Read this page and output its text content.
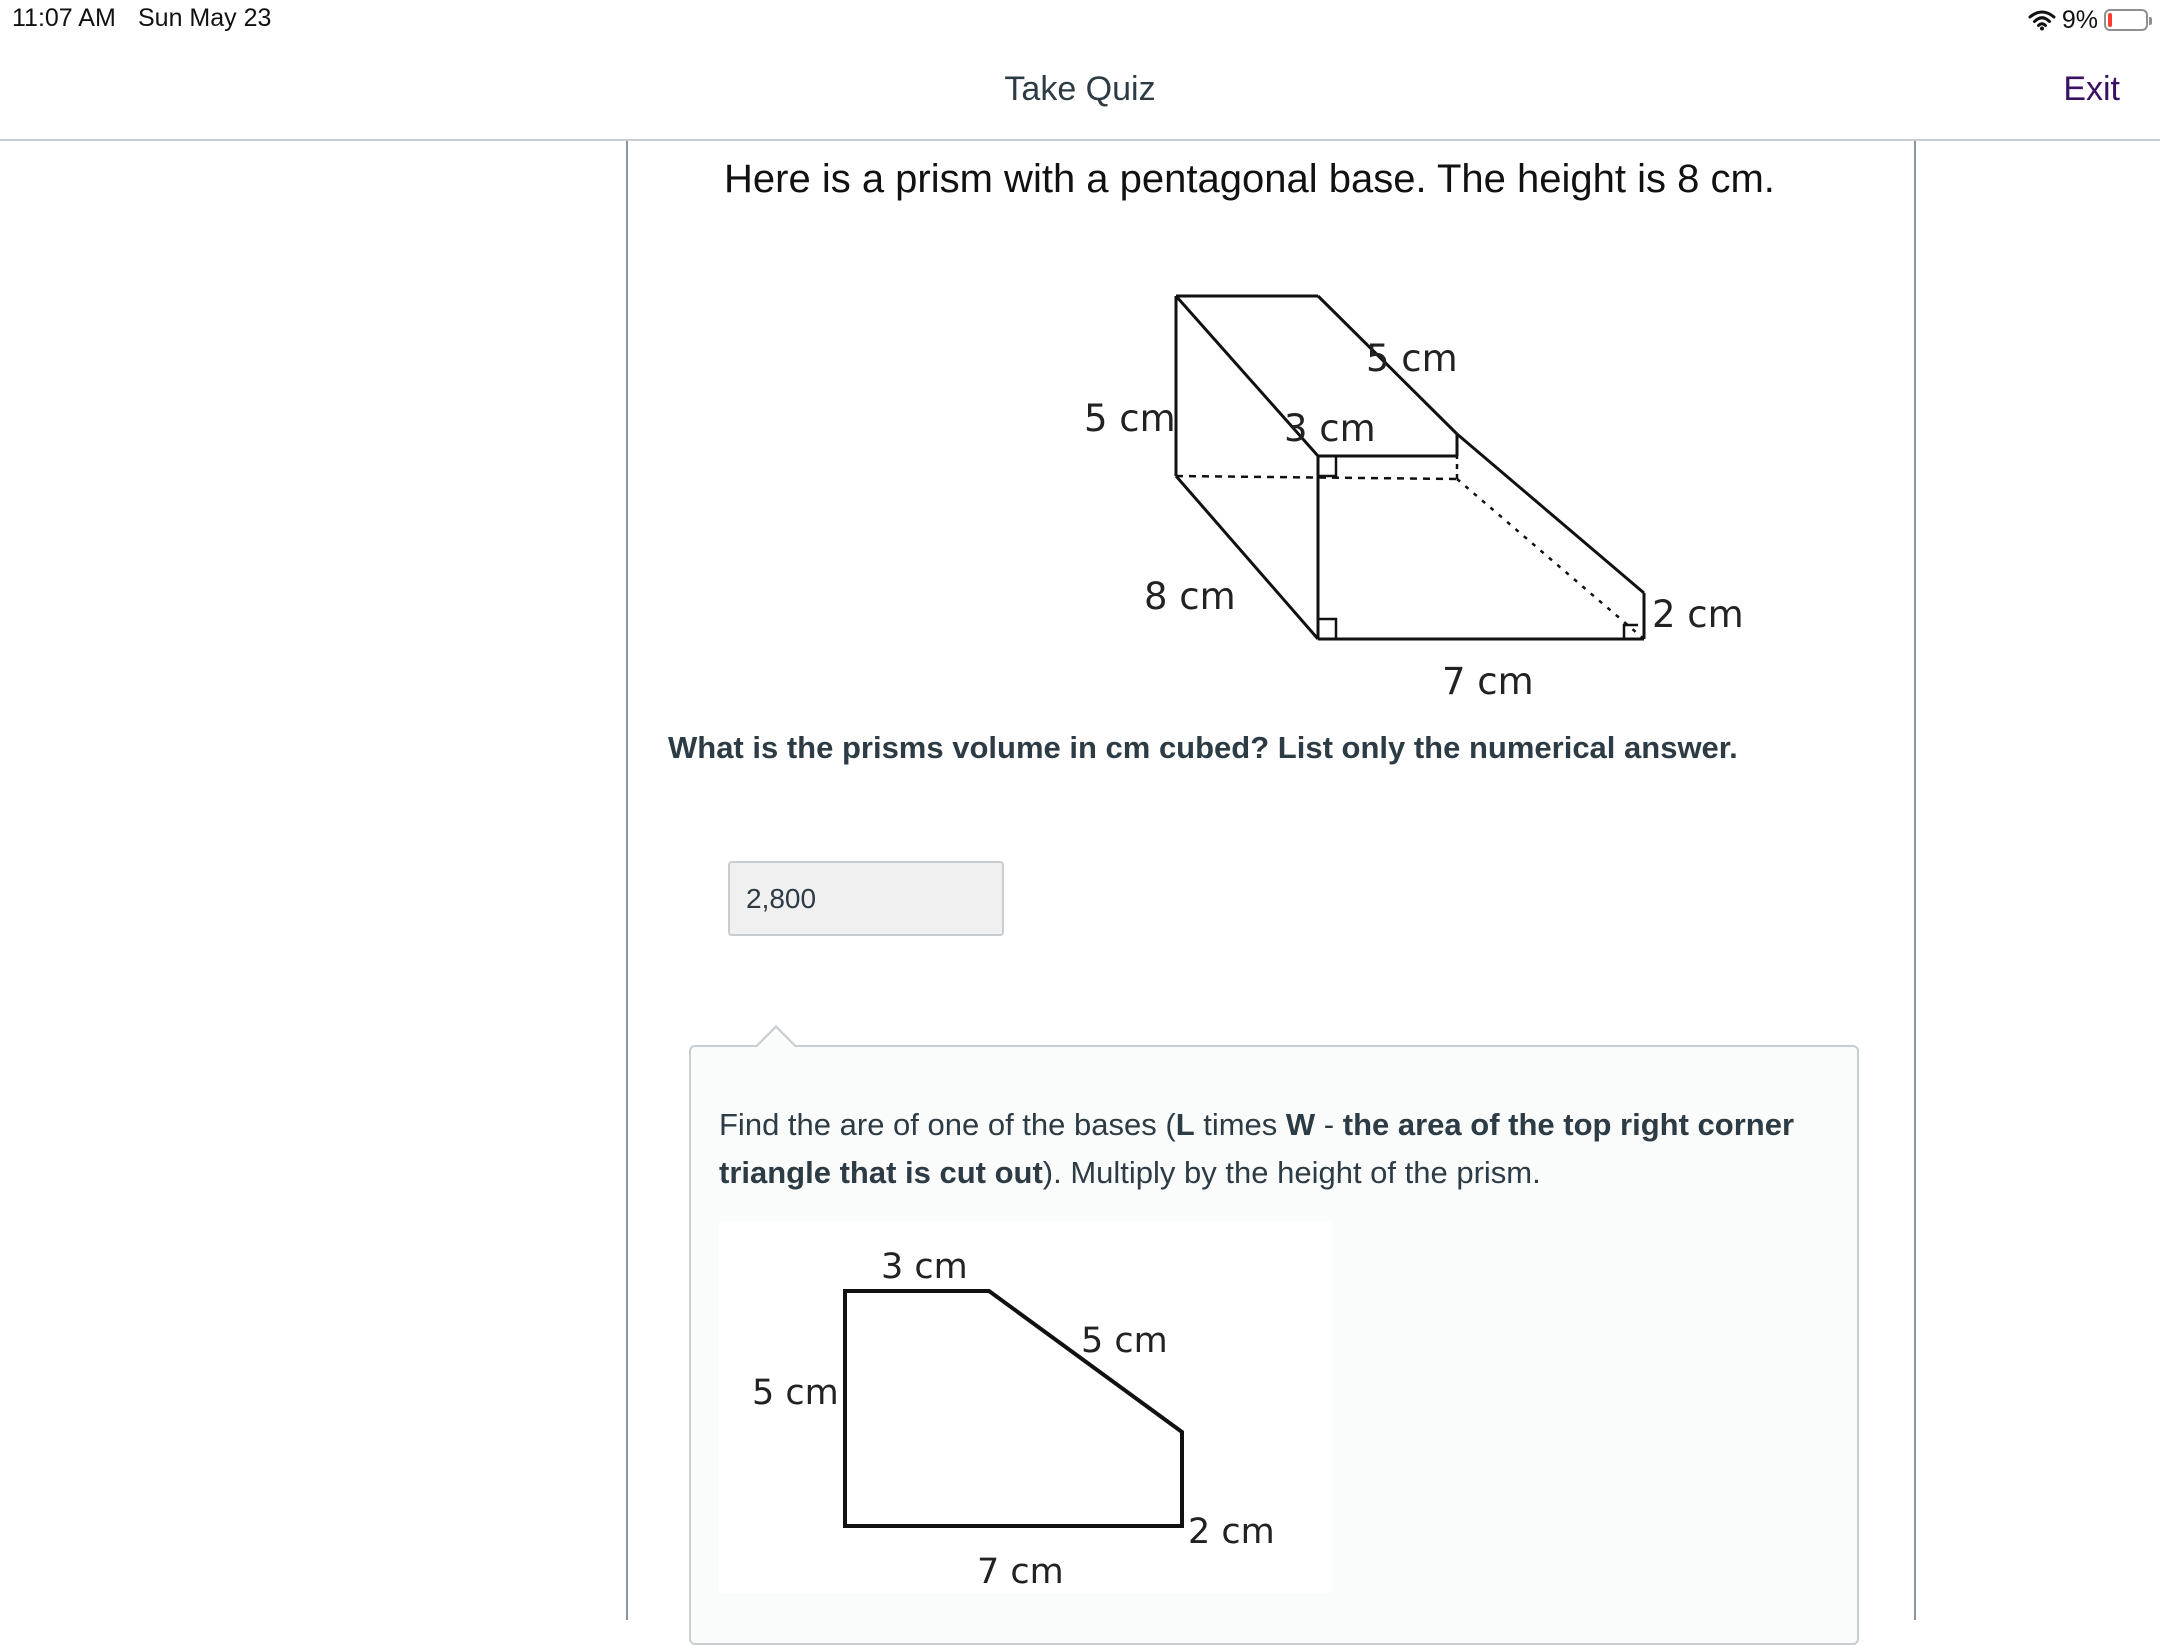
11:07 AM Sun May 23	9%
Take Quiz	Exit
Here is a prism with a pentagonal base. The height is 8 cm.
5 cm
5 cm	3 cm
8 cm	2 cm
7 cm
What is the prisms volume in cm cubed? List only the numerical answer.
2,800
Find the are of one of the bases (L times W - the area of the top right corner triangle that is cut out). Multiply by the height of the prism.
3 cm
5 cm
5 cm
2 cm
7 cm
